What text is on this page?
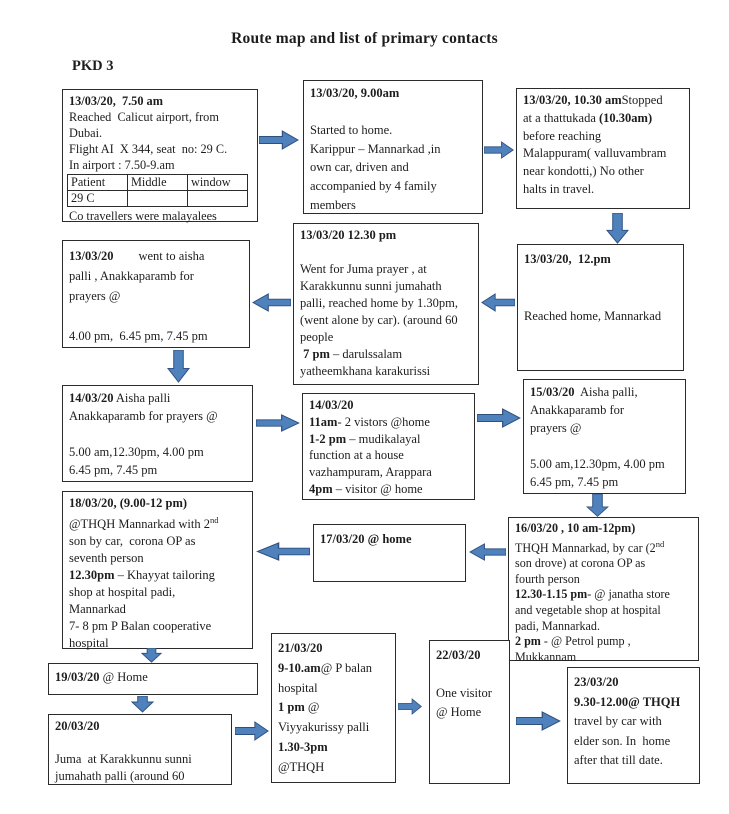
Route map and list of primary contacts
PKD 3
13/03/20,  7.50 am
Reached  Calicut airport, from
Dubai.
Flight AI  X 344, seat  no: 29 C.
In airport : 7.50-9.am
Patient	Middle	window
29 C		
Co travellers were malayalees
13/03/20, 9.00am
Started to home.
Karippur – Mannarkad ,in
own car, driven and
accompanied by 4 family
members
13/03/20, 10.30 amStopped
at a thattukada (10.30am)
before reaching
Malappuram( valluvambram
near kondotti,) No other
halts in travel.
13/03/20,  12.pm
Reached home, Mannarkad
13/03/20 12.30 pm
Went for Juma prayer , at
Karakkunnu sunni jumahath
palli, reached home by 1.30pm,
(went alone by car). (around 60
people
7 pm – darulssalam
yatheemkhana karakurissi
13/03/20        went to aisha
palli , Anakkaparamb for
prayers @
4.00 pm,  6.45 pm, 7.45 pm
14/03/20 Aisha palli
Anakkaparamb for prayers @
5.00 am,12.30pm, 4.00 pm
6.45 pm, 7.45 pm
14/03/20
11am- 2 vistors @home
1-2 pm – mudikalayal
function at a house
vazhampuram, Arappara
4pm – visitor @ home
15/03/20  Aisha palli,
Anakkaparamb for
prayers @
5.00 am,12.30pm, 4.00 pm
6.45 pm, 7.45 pm
16/03/20 , 10 am-12pm)
THQH Mannarkad, by car (2nd
son drove) at corona OP as
fourth person
12.30-1.15 pm- @ janatha store
and vegetable shop at hospital
padi, Mannarkad.
2 pm - @ Petrol pump ,
Mukkannam
17/03/20 @ home
18/03/20, (9.00-12 pm)
@THQH Mannarkad with 2nd
son by car,  corona OP as
seventh person
12.30pm – Khayyat tailoring
shop at hospital padi,
Mannarkad
7- 8 pm P Balan cooperative
hospital
19/03/20 @ Home
20/03/20
Juma  at Karakkunnu sunni
jumahath palli (around 60
21/03/20
9-10.am@ P balan
hospital
1 pm @
Viyyakurissy palli
1.30-3pm
@THQH
22/03/20
One visitor
@ Home
23/03/20
9.30-12.00@ THQH
travel by car with
elder son. In  home
after that till date.
